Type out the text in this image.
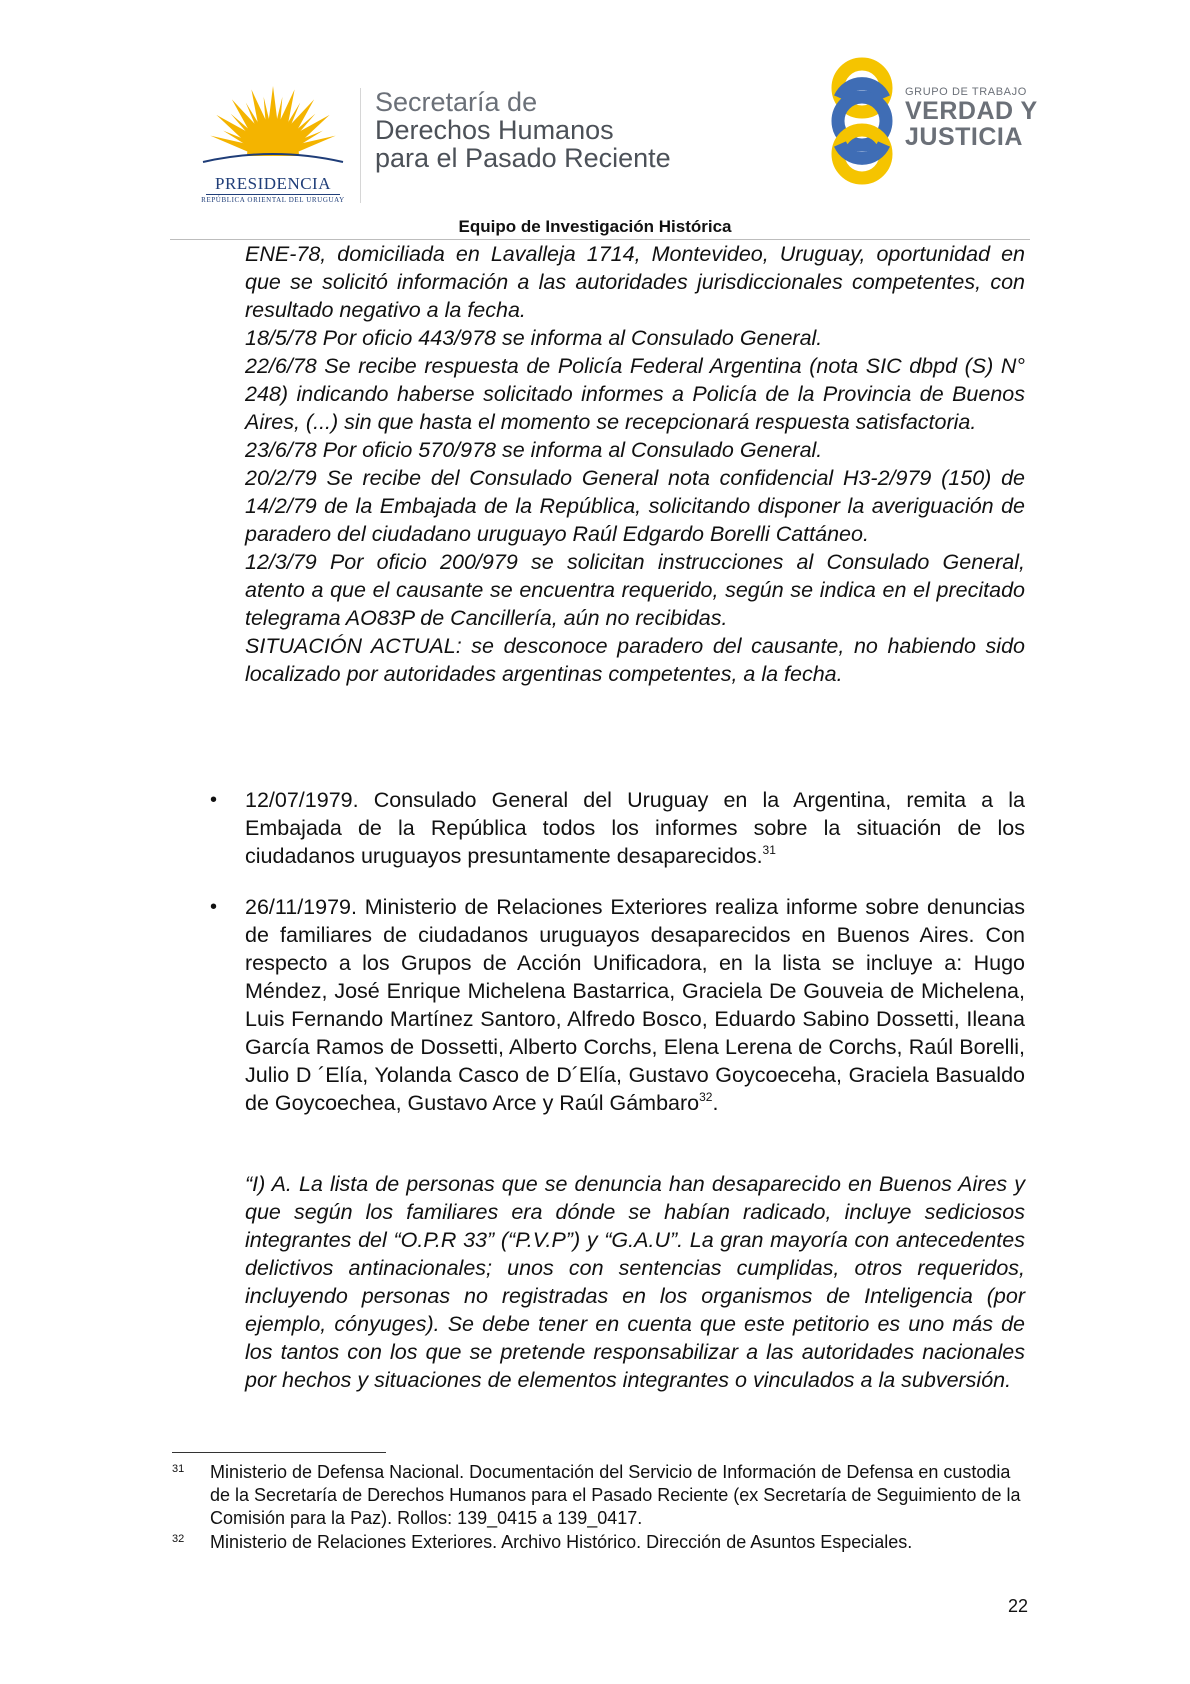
PRESIDENCIA
REPÚBLICA ORIENTAL DEL URUGUAY
Secretaría de
Derechos Humanos
para el Pasado Reciente
GRUPO DE TRABAJO
VERDAD Y
JUSTICIA
Equipo de Investigación Histórica

ENE-78, domiciliada en Lavalleja 1714, Montevideo, Uruguay, oportunidad en que se solicitó información a las autoridades jurisdiccionales competentes, con resultado negativo a la fecha.

18/5/78 Por oficio 443/978 se informa al Consulado General.

22/6/78 Se recibe respuesta de Policía Federal Argentina (nota SIC dbpd (S) N° 248) indicando haberse solicitado informes a Policía de la Provincia de Buenos Aires, (...) sin que hasta el momento se recepcionará respuesta satisfactoria.

23/6/78 Por oficio 570/978 se informa al Consulado General.

20/2/79 Se recibe del Consulado General nota confidencial H3-2/979 (150) de 14/2/79 de la Embajada de la República, solicitando disponer la averiguación de paradero del ciudadano uruguayo Raúl Edgardo Borelli Cattáneo.

12/3/79 Por oficio 200/979 se solicitan instrucciones al Consulado General, atento a que el causante se encuentra requerido, según se indica en el precitado telegrama AO83P de Cancillería, aún no recibidas.

SITUACIÓN ACTUAL: se desconoce paradero del causante, no habiendo sido localizado por autoridades argentinas competentes, a la fecha.

• 12/07/1979. Consulado General del Uruguay en la Argentina, remita a la Embajada de la República todos los informes sobre la situación de los ciudadanos uruguayos presuntamente desaparecidos.$^{31}$
• 26/11/1979. Ministerio de Relaciones Exteriores realiza informe sobre denuncias de familiares de ciudadanos uruguayos desaparecidos en Buenos Aires. Con respecto a los Grupos de Acción Unificadora, en la lista se incluye a: Hugo Méndez, José Enrique Michelena Bastarrica, Graciela De Gouveia de Michelena, Luis Fernando Martínez Santoro, Alfredo Bosco, Eduardo Sabino Dossetti, Ileana García Ramos de Dossetti, Alberto Corchs, Elena Lerena de Corchs, Raúl Borelli, Julio D ´Elía, Yolanda Casco de D´Elía, Gustavo Goycoeceha, Graciela Basualdo de Goycoechea, Gustavo Arce y Raúl Gámbaro$^{32}$.

“I) A. La lista de personas que se denuncia han desaparecido en Buenos Aires y que según los familiares era dónde se habían radicado, incluye sediciosos integrantes del “O.P.R 33” (“P.V.P”) y “G.A.U”. La gran mayoría con antecedentes delictivos antinacionales; unos con sentencias cumplidas, otros requeridos, incluyendo personas no registradas en los organismos de Inteligencia (por ejemplo, cónyuges). Se debe tener en cuenta que este petitorio es uno más de los tantos con los que se pretende responsabilizar a las autoridades nacionales por hechos y situaciones de elementos integrantes o vinculados a la subversión.

31 Ministerio de Defensa Nacional. Documentación del Servicio de Información de Defensa en custodia de la Secretaría de Derechos Humanos para el Pasado Reciente (ex Secretaría de Seguimiento de la Comisión para la Paz). Rollos: 139_0415 a 139_0417.
32 Ministerio de Relaciones Exteriores. Archivo Histórico. Dirección de Asuntos Especiales.
22
